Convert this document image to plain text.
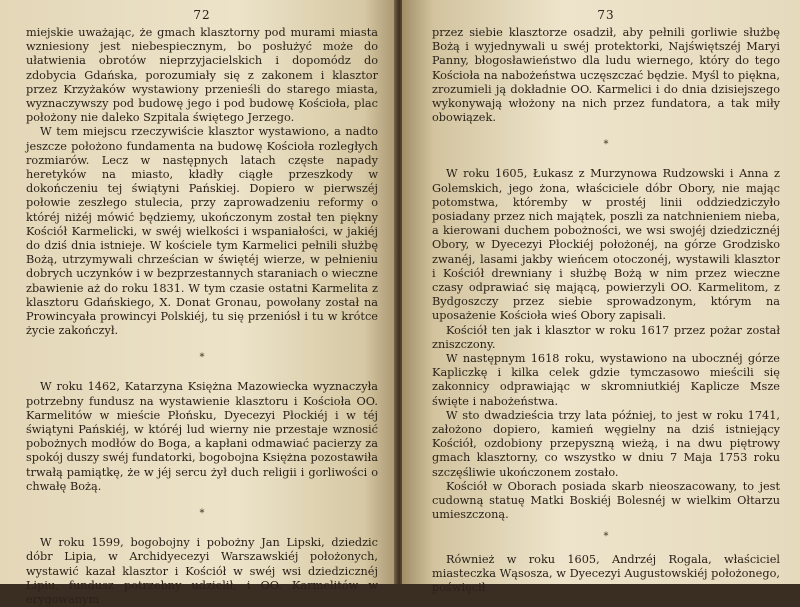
72

miejskie uważając, że gmach klasztorny pod murami miasta wzniesiony jest niebespiecznym, bo posłużyć może do ułatwienia obrotów nieprzyjacielskich i dopomódz do zdobycia Gdańska, porozumiały się z zakonem i klasztor przez Krzyżaków wystawiony przenieśli do starego miasta, wyznaczywszy pod budowę jego i pod budowę Kościoła, plac położony nie daleko Szpitala świętego Jerzego.

W tem miejscu rzeczywiście klasztor wystawiono, a nadto jeszcze położono fundamenta na budowę Kościoła rozległych rozmiarów. Lecz w następnych latach częste napady heretyków na miasto, kładły ciągłe przeszkody w dokończeniu tej świątyni Pańskiej. Dopiero w pierwszéj połowie zeszłego stulecia, przy zaprowadzeniu reformy o któréj niżéj mówić będziemy, ukończonym został ten piękny Kościół Karmelicki, w swéj wielkości i wspaniałości, w jakiéj do dziś dnia istnieje. W kościele tym Karmelici pełnili służbę Bożą, utrzymywali chrześcian w świętéj wierze, w pełnieniu dobrych uczynków i w bezprzestannych staraniach o wieczne zbawienie aż do roku 1831. W tym czasie ostatni Karmelita z klasztoru Gdańskiego, X. Donat Gronau, powołany został na Prowincyała prowincyi Polskiéj, tu się przeniósł i tu w krótce życie zakończył.

*

W roku 1462, Katarzyna Księżna Mazowiecka wyznaczyła potrzebny fundusz na wystawienie klasztoru i Kościoła OO. Karmelitów w mieście Płońsku, Dyecezyi Płockiéj i w téj świątyni Pańskiéj, w któréj lud wierny nie przestaje wznosić pobożnych modłów do Boga, a kapłani odmawiać pacierzy za spokój duszy swéj fundatorki, bogobojna Księżna pozostawiła trwałą pamiątkę, że w jéj sercu żył duch religii i gorliwości o chwałę Bożą.

*

W roku 1599, bogobojny i pobożny Jan Lipski, dziedzic dóbr Lipia, w Archidyecezyi Warszawskiéj położonych, wystawić kazał klasztor i Kościół w swéj wsi dziedzicznéj Lipiu, fundusz potrzebny udzielił, i OO. Karmelitów w erygowanym

73

przez siebie klasztorze osadził, aby pełnili gorliwie służbę Bożą i wyjednywali u swéj protektorki, Najświętszéj Maryi Panny, błogosławieństwo dla ludu wiernego, który do tego Kościoła na nabożeństwa uczęszczać będzie. Myśl to piękna, zrozumieli ją dokładnie OO. Karmelici i do dnia dzisiejszego wykonywają włożony na nich przez fundatora, a tak miły obowiązek.

*

W roku 1605, Łukasz z Murzynowa Rudzowski i Anna z Golemskich, jego żona, właściciele dóbr Obory, nie mając potomstwa, któremby w prostéj linii oddziedziczyło posiadany przez nich majątek, poszli za natchnieniem nieba, a kierowani duchem pobożności, we wsi swojéj dziedzicznéj Obory, w Dyecezyi Płockiéj położonéj, na górze Grodzisko zwanéj, lasami jakby wieńcem otoczonéj, wystawili klasztor i Kościół drewniany i służbę Bożą w nim przez wieczne czasy odprawiać się mającą, powierzyli OO. Karmelitom, z Bydgoszczy przez siebie sprowadzonym, którym na uposażenie Kościoła wieś Obory zapisali.

Kościół ten jak i klasztor w roku 1617 przez pożar został zniszczony.

W następnym 1618 roku, wystawiono na ubocznéj górze Kapliczkę i kilka celek gdzie tymczasowo mieścili się zakonnicy odprawiając w skromniutkiéj Kaplicze Msze święte i nabożeństwa.

W sto dwadzieścia trzy lata później, to jest w roku 1741, założono dopiero, kamień węgielny na dziś istniejący Kościół, ozdobiony przepyszną wieżą, i na dwu piętrowy gmach klasztorny, co wszystko w dniu 7 Maja 1753 roku szczęśliwie ukończonem zostało.

Kościół w Oborach posiada skarb nieoszacowany, to jest cudowną statuę Matki Boskiéj Bolesnéj w wielkim Ołtarzu umieszczoną.

*

Również w roku 1605, Andrzéj Rogala, właściciel miasteczka Wąsosza, w Dyecezyi Augustowskiéj położonego, poświęcił
